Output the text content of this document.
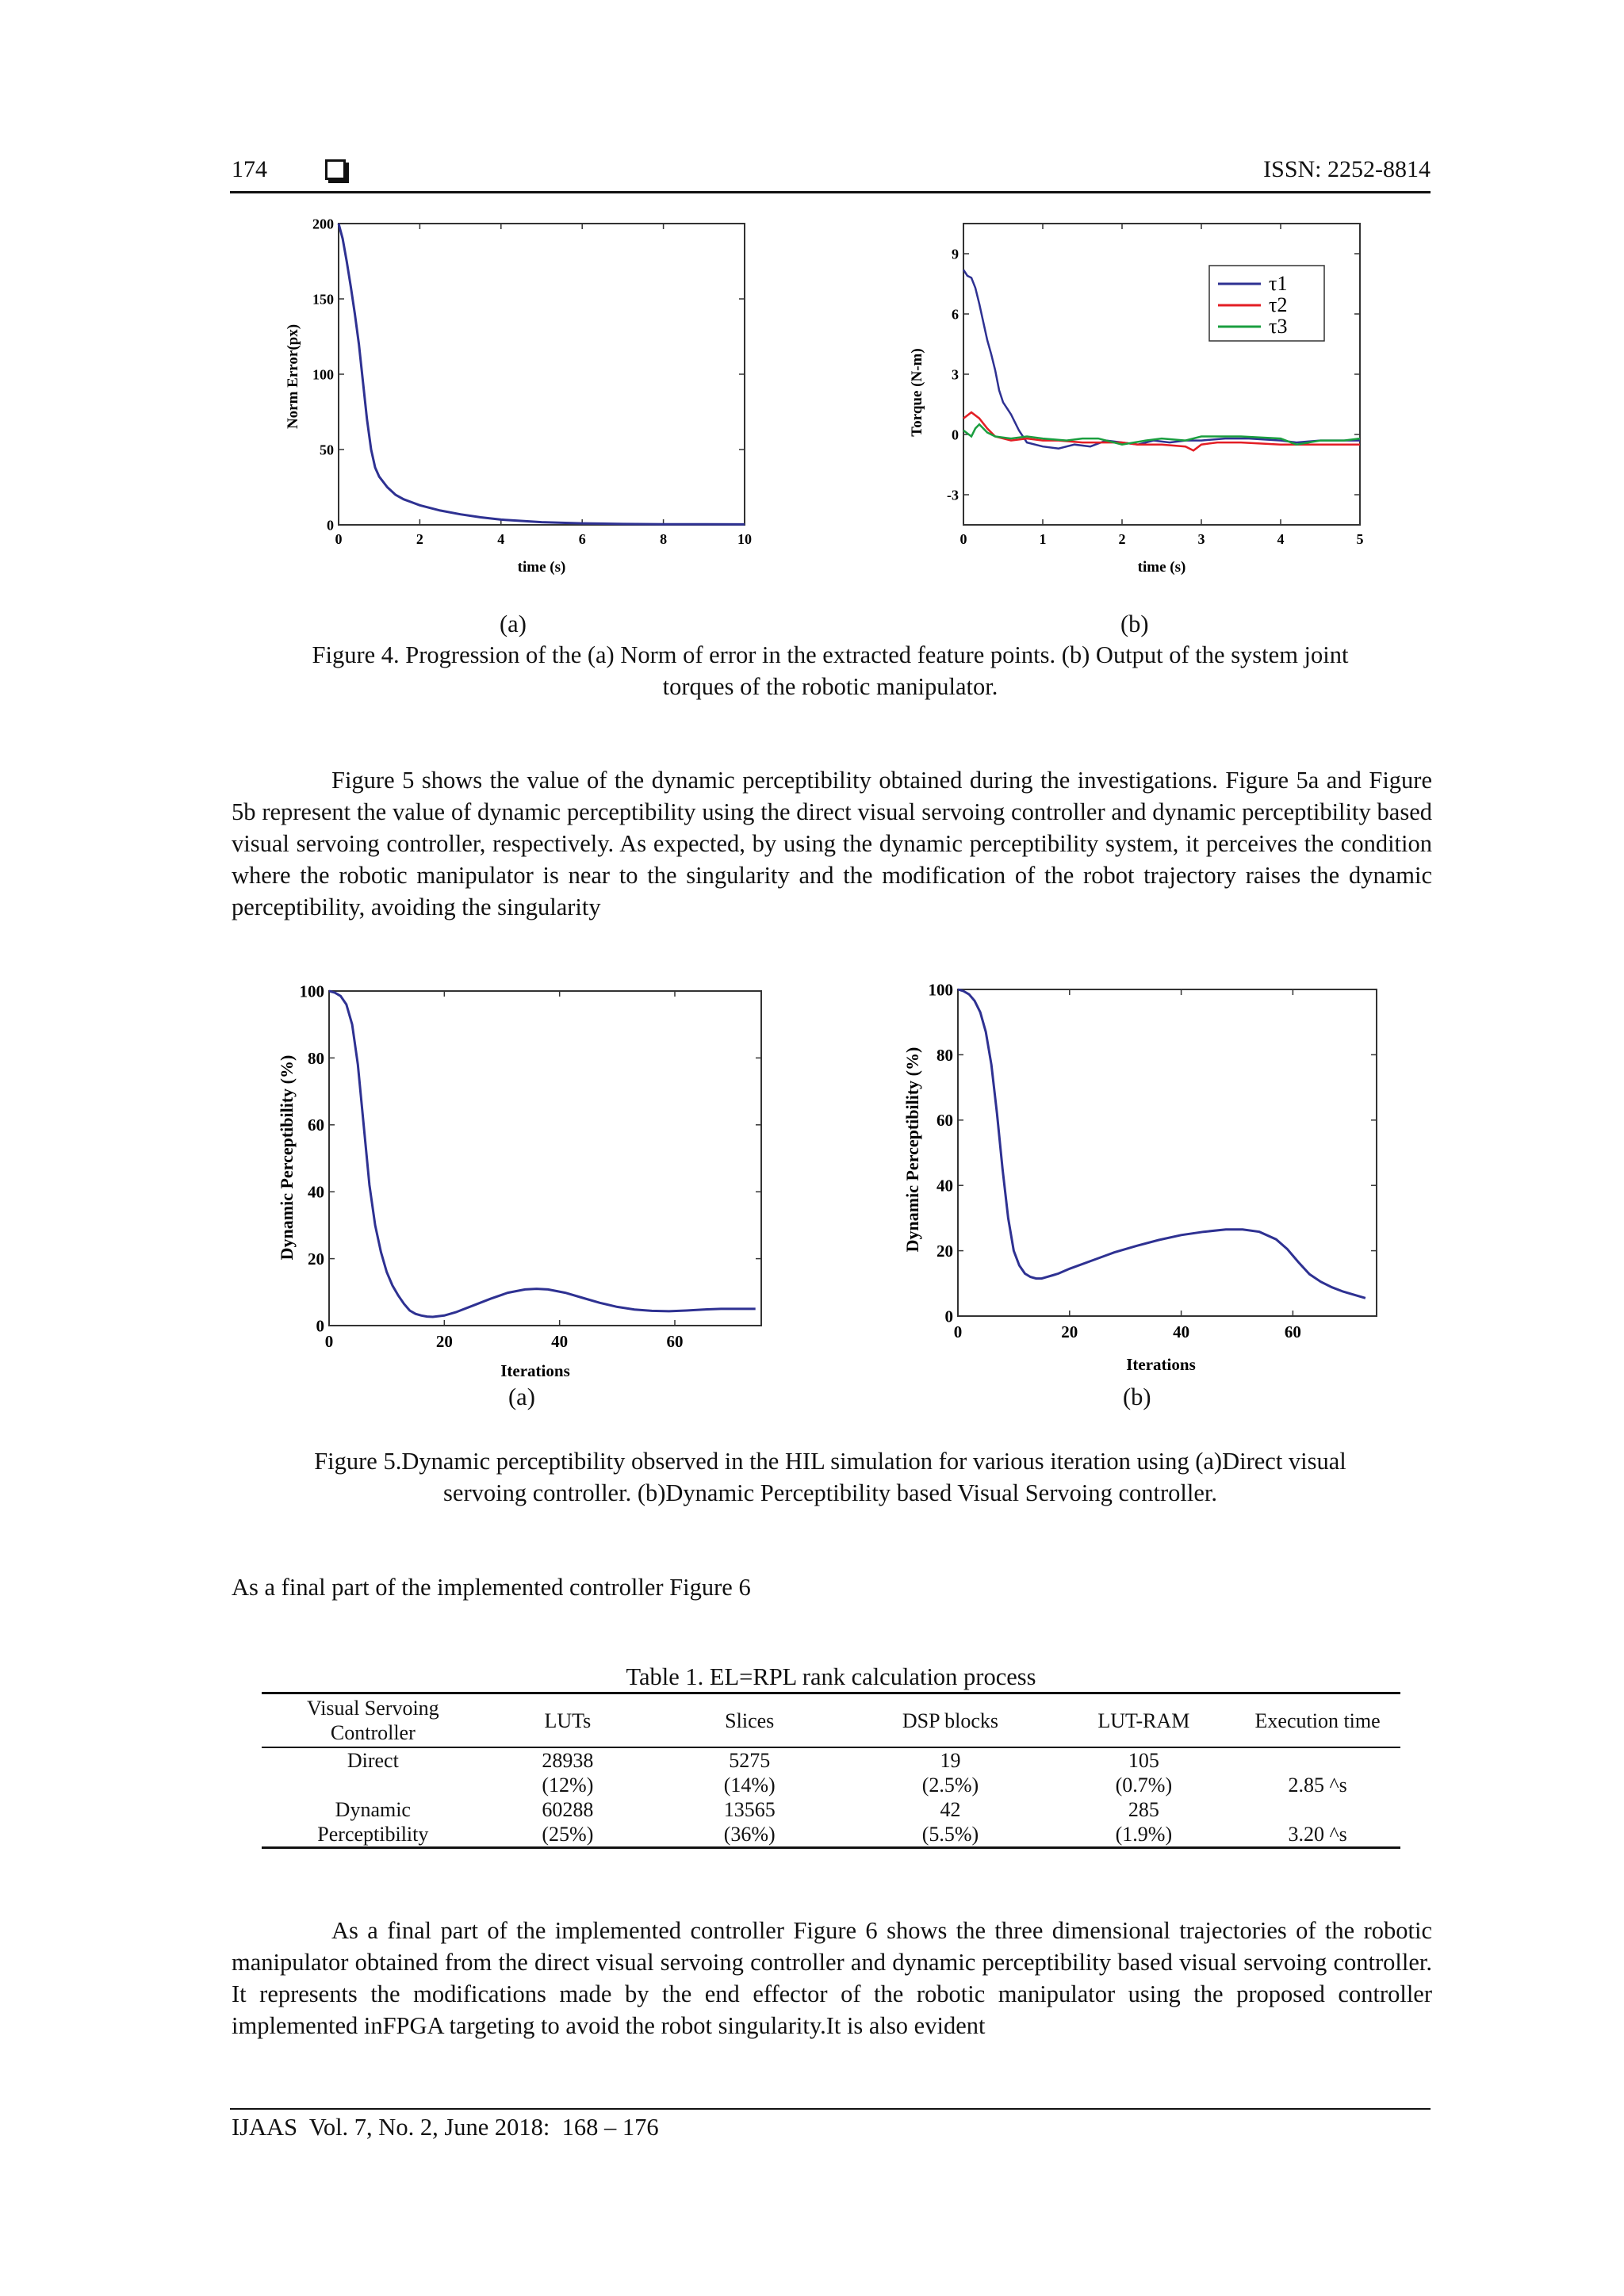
174	ISSN: 2252-8814
0	2	4	6	8	10
0
50
100
150
200
Norm Error(px)
time (s)
0	1	2	3	4	5
-3
0
3
6
9
τ1
τ2
τ3
Torque (N-m)
time (s)
(a)	(b)

Figure 4. Progression of the (a) Norm of error in the extracted feature points. (b) Output of the system joint

torques of the robotic manipulator.

Figure 5 shows the value of the dynamic perceptibility obtained during the investigations. Figure 5a and Figure 5b represent the value of dynamic perceptibility using the direct visual servoing controller and dynamic perceptibility based visual servoing controller, respectively. As expected, by using the dynamic perceptibility system, it perceives the condition where the robotic manipulator is near to the singularity and the modification of the robot trajectory raises the dynamic perceptibility, avoiding the singularity

0	20	40	60
0
20
40
60
80
100
Dynamic Perceptibility (%)
Iterations
0	20	40	60
0
20
40
60
80
100
Dynamic Perceptibility (%)
Iterations
(a)	(b)

Figure 5.Dynamic perceptibility observed in the HIL simulation for various iteration using (a)Direct visual

servoing controller. (b)Dynamic Perceptibility based Visual Servoing controller.

As a final part of the implemented controller Figure 6

Table 1. EL=RPL rank calculation process
Visual Servoing Controller	LUTs	Slices	DSP blocks	LUT-RAM	Execution time
Direct	28938	5275	19	105	
	(12%)	(14%)	(2.5%)	(0.7%)	2.85 ^s
Dynamic	60288	13565	42	285	
Perceptibility	(25%)	(36%)	(5.5%)	(1.9%)	3.20 ^s

As a final part of the implemented controller Figure 6 shows the three dimensional trajectories of the robotic manipulator obtained from the direct visual servoing controller and dynamic perceptibility based visual servoing controller. It represents the modifications made by the end effector of the robotic manipulator using the proposed controller implemented inFPGA targeting to avoid the robot singularity.It is also evident

IJAAS  Vol. 7, No. 2, June 2018:  168 – 176
